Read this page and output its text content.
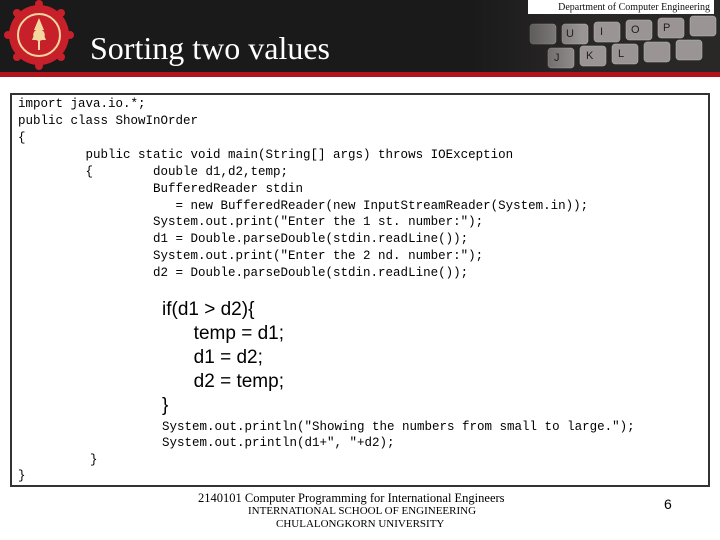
Department of Computer Engineering
Sorting two values
import java.io.*;
public class ShowInOrder
{
public static void main(String[] args) throws IOException
{        double d1,d2,temp;
BufferedReader stdin
= new BufferedReader(new InputStreamReader(System.in));
System.out.print("Enter the 1 st. number:");
d1 = Double.parseDouble(stdin.readLine());
System.out.print("Enter the 2 nd. number:");
d2 = Double.parseDouble(stdin.readLine());
if(d1 > d2){
temp = d1;
d1 = d2;
d2 = temp;
}
System.out.println("Showing the numbers from small to large.");
System.out.println(d1+", "+d2);
}
}
2140101 Computer Programming for International Engineers
INTERNATIONAL SCHOOL OF ENGINEERING
CHULALONGKORN UNIVERSITY
6
